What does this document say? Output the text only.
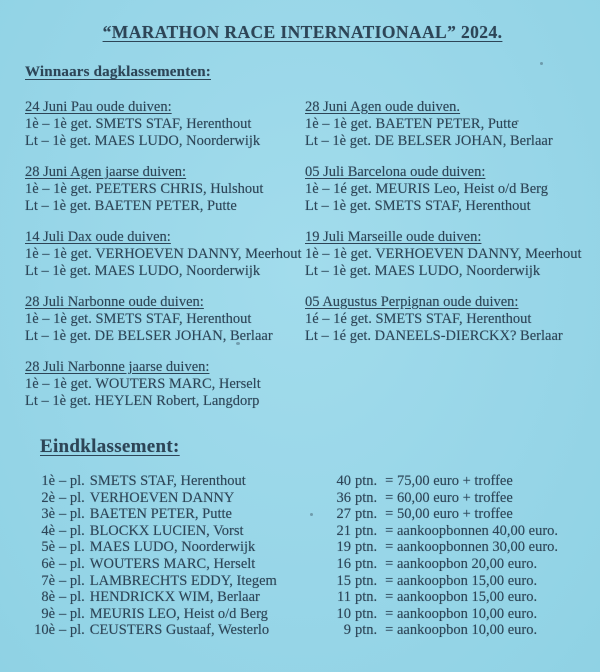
“MARATHON RACE INTERNATIONAAL” 2024.
Winnaars dagklassementen:
24 Juni Pau oude duiven:
1è – 1è get. SMETS STAF, Herenthout
Lt – 1è get. MAES LUDO, Noorderwijk
28 Juni Agen oude duiven.
1è – 1è get. BAETEN PETER, Putte
Lt – 1è get. DE BELSER JOHAN, Berlaar
28 Juni Agen jaarse duiven:
1è – 1è get. PEETERS CHRIS, Hulshout
Lt – 1è get. BAETEN PETER, Putte
05 Juli Barcelona oude duiven:
1è – 1é get. MEURIS Leo, Heist o/d Berg
Lt – 1è get. SMETS STAF, Herenthout
14 Juli Dax oude duiven:
1è – 1è get. VERHOEVEN DANNY, Meerhout
Lt – 1è get. MAES LUDO, Noorderwijk
19 Juli Marseille oude duiven:
1è – 1è get. VERHOEVEN DANNY, Meerhout
Lt – 1è get. MAES LUDO, Noorderwijk
28 Juli Narbonne oude duiven:
1è – 1è get. SMETS STAF, Herenthout
Lt – 1è get. DE BELSER JOHAN, Berlaar
05 Augustus Perpignan oude duiven:
1é – 1é get. SMETS STAF, Herenthout
Lt – 1é get. DANEELS-DIERCKX? Berlaar
28 Juli Narbonne jaarse duiven:
1è – 1è get. WOUTERS MARC, Herselt
Lt – 1è get. HEYLEN Robert, Langdorp
Eindklassement:
1è – pl. SMETS STAF, Herenthout	40 ptn. = 75,00 euro + troffee
2è – pl. VERHOEVEN DANNY	36 ptn. = 60,00 euro + troffee
3è – pl. BAETEN PETER, Putte	27 ptn. = 50,00 euro + troffee
4è – pl. BLOCKX LUCIEN, Vorst	21 ptn. = aankoopbonnen 40,00 euro.
5è – pl. MAES LUDO, Noorderwijk	19 ptn. = aankoopbonnen 30,00 euro.
6è – pl. WOUTERS MARC, Herselt	16 ptn. = aankoopbon 20,00 euro.
7è – pl. LAMBRECHTS EDDY, Itegem	15 ptn. = aankoopbon 15,00 euro.
8è – pl. HENDRICKX WIM, Berlaar	11 ptn. = aankoopbon 15,00 euro.
9è – pl. MEURIS LEO, Heist o/d Berg	10 ptn. = aankoopbon 10,00 euro.
10è – pl. CEUSTERS Gustaaf, Westerlo	9 ptn. = aankoopbon 10,00 euro.
